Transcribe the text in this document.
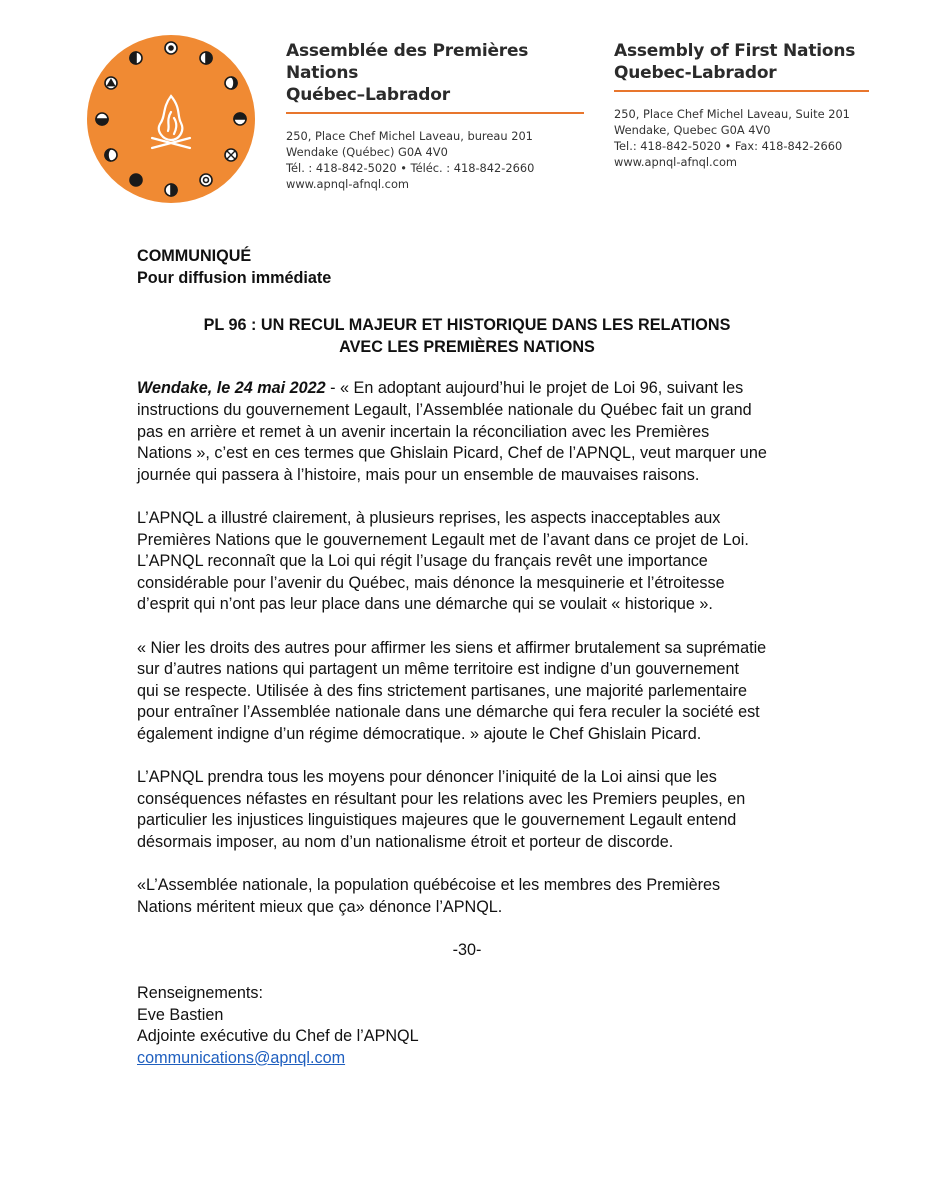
Assemblée des Premières Nations
Québec–Labrador
250, Place Chef Michel Laveau, bureau 201
Wendake (Québec) G0A 4V0
Tél. : 418-842-5020 • Téléc. : 418-842-2660
www.apnql-afnql.com
Assembly of First Nations
Quebec-Labrador
250, Place Chef Michel Laveau, Suite 201
Wendake, Quebec G0A 4V0
Tel.: 418-842-5020 • Fax: 418-842-2660
www.apnql-afnql.com
COMMUNIQUÉ
Pour diffusion immédiate
PL 96 : UN RECUL MAJEUR ET HISTORIQUE DANS LES RELATIONS
AVEC LES PREMIÈRES NATIONS

Wendake, le 24 mai 2022 - « En adoptant aujourd’hui le projet de Loi 96, suivant les
instructions du gouvernement Legault, l’Assemblée nationale du Québec fait un grand
pas en arrière et remet à un avenir incertain la réconciliation avec les Premières
Nations », c’est en ces termes que Ghislain Picard, Chef de l’APNQL, veut marquer une
journée qui passera à l’histoire, mais pour un ensemble de mauvaises raisons.

L’APNQL a illustré clairement, à plusieurs reprises, les aspects inacceptables aux
Premières Nations que le gouvernement Legault met de l’avant dans ce projet de Loi.
L’APNQL reconnaît que la Loi qui régit l’usage du français revêt une importance
considérable pour l’avenir du Québec, mais dénonce la mesquinerie et l’étroitesse
d’esprit qui n’ont pas leur place dans une démarche qui se voulait « historique ».

« Nier les droits des autres pour affirmer les siens et affirmer brutalement sa suprématie
sur d’autres nations qui partagent un même territoire est indigne d’un gouvernement
qui se respecte. Utilisée à des fins strictement partisanes, une majorité parlementaire
pour entraîner l’Assemblée nationale dans une démarche qui fera reculer la société est
également indigne d’un régime démocratique. » ajoute le Chef Ghislain Picard.

L’APNQL prendra tous les moyens pour dénoncer l’iniquité de la Loi ainsi que les
conséquences néfastes en résultant pour les relations avec les Premiers peuples, en
particulier les injustices linguistiques majeures que le gouvernement Legault entend
désormais imposer, au nom d’un nationalisme étroit et porteur de discorde.

«L’Assemblée nationale, la population québécoise et les membres des Premières
Nations méritent mieux que ça» dénonce l’APNQL.

-30-
Renseignements:
Eve Bastien
Adjointe exécutive du Chef de l’APNQL
communications@apnql.com
